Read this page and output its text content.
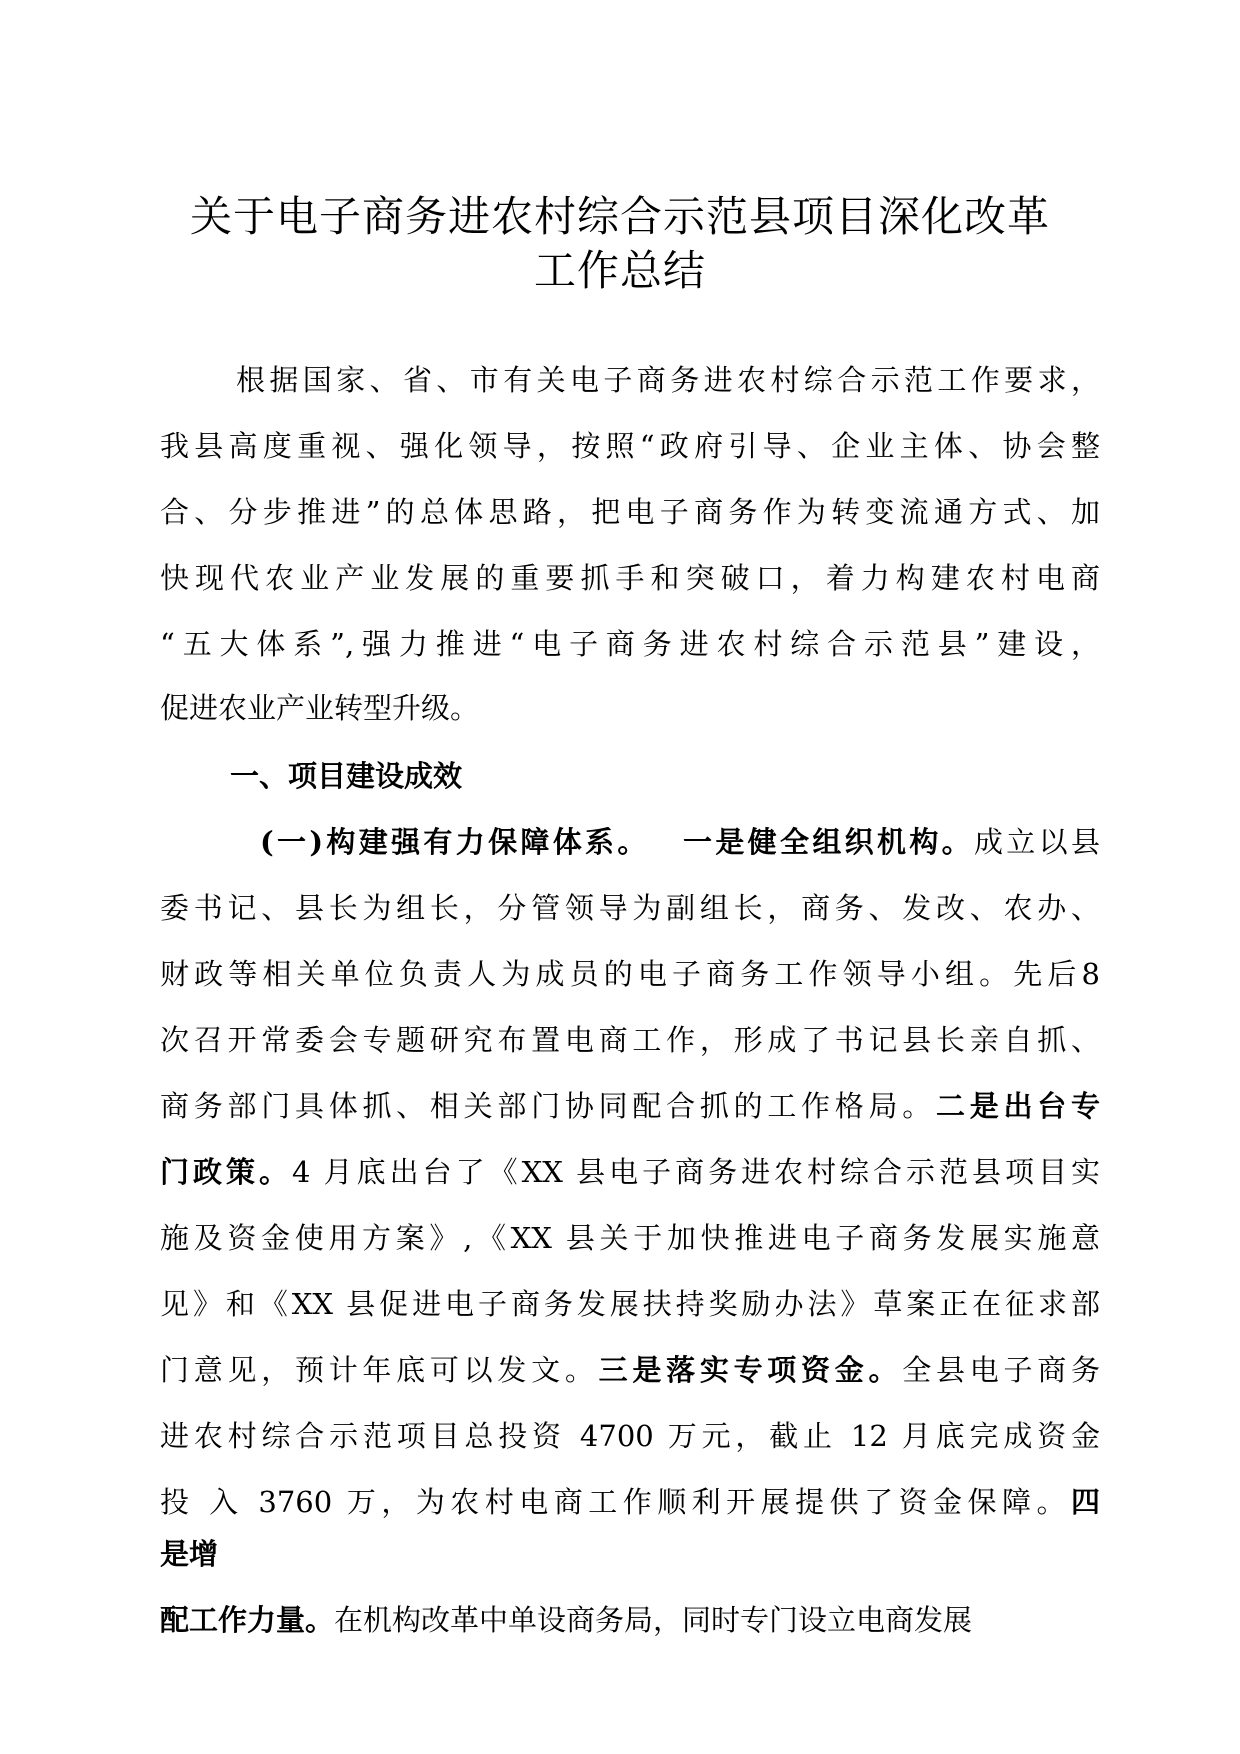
关于电子商务进农村综合示范县项目深化改革
工作总结

根据国家、省、市有关电子商务进农村综合示范工作要求，

我县高度重视、强化领导，按照“政府引导、企业主体、协会整

合、分步推进”的总体思路，把电子商务作为转变流通方式、加

快现代农业产业发展的重要抓手和突破口，着力构建农村电商

“五大体系”,强力推进“电子商务进农村综合示范县”建设，

促进农业产业转型升级。

一、项目建设成效

(一)构建强有力保障体系。 一是健全组织机构。成立以县

委书记、县长为组长，分管领导为副组长，商务、发改、农办、

财政等相关单位负责人为成员的电子商务工作领导小组。先后8

次召开常委会专题研究布置电商工作，形成了书记县长亲自抓、

商务部门具体抓、相关部门协同配合抓的工作格局。二是出台专

门政策。4 月底出台了《XX 县电子商务进农村综合示范县项目实

施及资金使用方案》,《XX 县关于加快推进电子商务发展实施意

见》和《XX 县促进电子商务发展扶持奖励办法》草案正在征求部

门意见，预计年底可以发文。三是落实专项资金。全县电子商务

进农村综合示范项目总投资 4700 万元，截止 12 月底完成资金

投 入 3760 万，为农村电商工作顺利开展提供了资金保障。四

是增

配工作力量。在机构改革中单设商务局，同时专门设立电商发展
